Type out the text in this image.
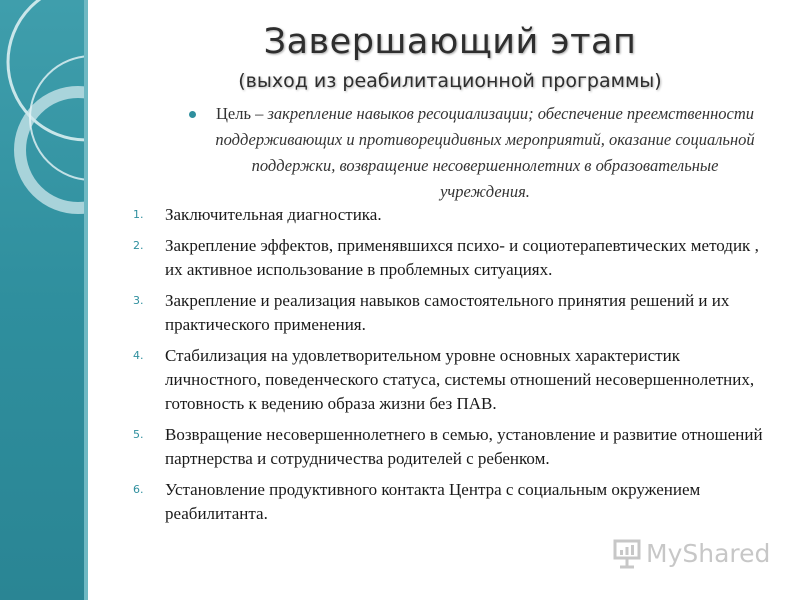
Завершающий этап
(выход из реабилитационной программы)
Цель – закрепление навыков ресоциализации; обеспечение преемственности поддерживающих и противорецидивных мероприятий, оказание социальной поддержки, возвращение несовершеннолетних в образовательные учреждения.
1. Заключительная диагностика.
2. Закрепление эффектов, применявшихся психо- и социотерапевтических методик , их активное использование в проблемных ситуациях.
3. Закрепление и реализация навыков самостоятельного принятия решений и их практического применения.
4. Стабилизация на удовлетворительном уровне основных характеристик личностного, поведенческого статуса, системы отношений несовершеннолетних, готовность к ведению образа жизни без ПАВ.
5. Возвращение несовершеннолетнего в семью, установление и развитие отношений партнерства и сотрудничества родителей с ребенком.
6. Установление продуктивного контакта Центра с социальным окружением реабилитанта.
MyShared
